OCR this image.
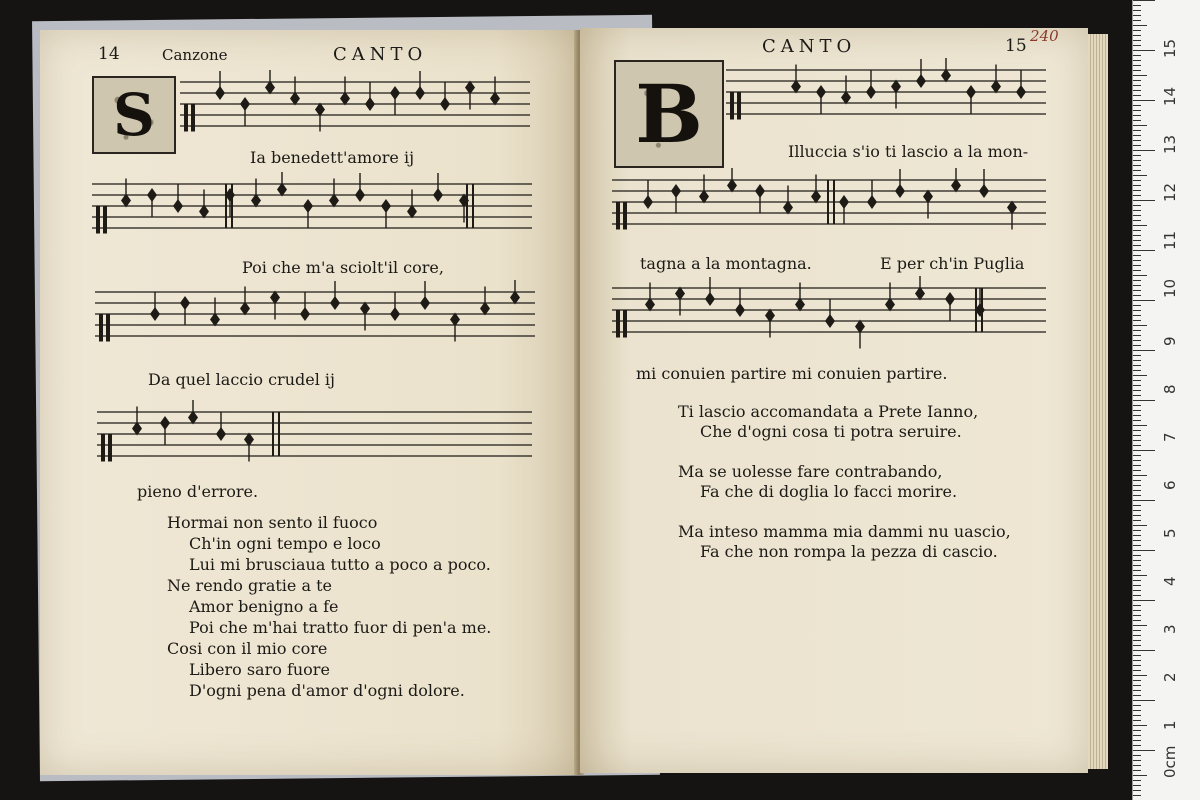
14	Canzone	CANTO
S
Ia benedett'amore ij
Poi che m'a sciolt'il core,
Da quel laccio crudel ij
pieno d'errore.
Hormai non sento il fuoco
Ch'in ogni tempo e loco
Lui mi brusciaua tutto a poco a poco.
Ne rendo gratie a te
Amor benigno a fe
Poi che m'hai tratto fuor di pen'a me.
Cosi con il mio core
Libero saro fuore
D'ogni pena d'amor d'ogni dolore.
CANTO	15 240
B	Illuccia s'io ti lascio a la mon-
tagna a la montagna.	E per ch'in Puglia
mi conuien partire mi conuien partire.
Ti lascio accomandata a Prete Ianno,
Che d'ogni cosa ti potra seruire.
Ma se uolesse fare contrabando,
Fa che di doglia lo facci morire.
Ma inteso mamma mia dammi nu uascio,
Fa che non rompa la pezza di cascio.
15
14
13
12
11
10
9
8
7
6
5
4
3
2
1
0cm
